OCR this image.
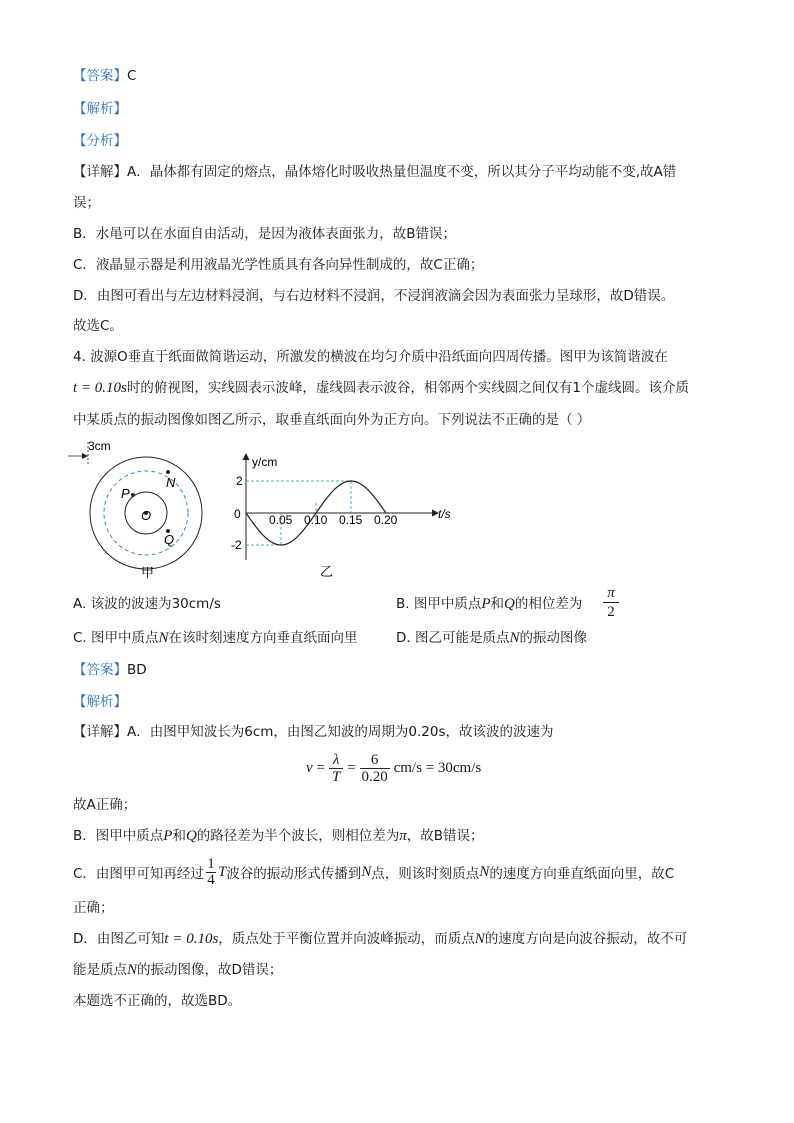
【答案】C
【解析】
【分析】
【详解】A．晶体都有固定的熔点，晶体熔化时吸收热量但温度不变，所以其分子平均动能不变,故A错
误；
B．水黾可以在水面自由活动，是因为液体表面张力，故B错误；
C．液晶显示器是利用液晶光学性质具有各向异性制成的，故C正确；
D．由图可看出与左边材料浸润，与右边材料不浸润，不浸润液滴会因为表面张力呈球形，故D错误。
故选C。
4. 波源O垂直于纸面做简谐运动，所激发的横波在均匀介质中沿纸面向四周传播。图甲为该简谐波在
t = 0.10s时的俯视图，实线圆表示波峰，虚线圆表示波谷，相邻两个实线圆之间仅有1个虚线圆。该介质
中某质点的振动图像如图乙所示，取垂直纸面向外为正方向。下列说法不正确的是（ ）
3cm
N
P
O
Q
甲
y/cm
t/s
0
2
-2
0.05 0.10 0.15 0.20
乙
A. 该波的波速为30cm/s	B. 图甲中质点P和Q的相位差为
π
2
C. 图甲中质点N在该时刻速度方向垂直纸面向里	D. 图乙可能是质点N的振动图像
【答案】BD
【解析】
【详解】A．由图甲知波长为6cm，由图乙知波的周期为0.20s，故该波的波速为
v = λ
T
= 6
0.20
cm/s = 30cm/s
故A正确；
B．图甲中质点P和Q的路径差为半个波长，则相位差为π，故B错误；
C．由图甲可知再经过
1
4 T 波谷的振动形式传播到 N 点，则该时刻质点 N 的速度方向垂直纸面向里，故C
正确；
D．由图乙可知t = 0.10s，质点处于平衡位置并向波峰振动，而质点N的速度方向是向波谷振动，故不可
能是质点N的振动图像，故D错误；
本题选不正确的，故选BD。
